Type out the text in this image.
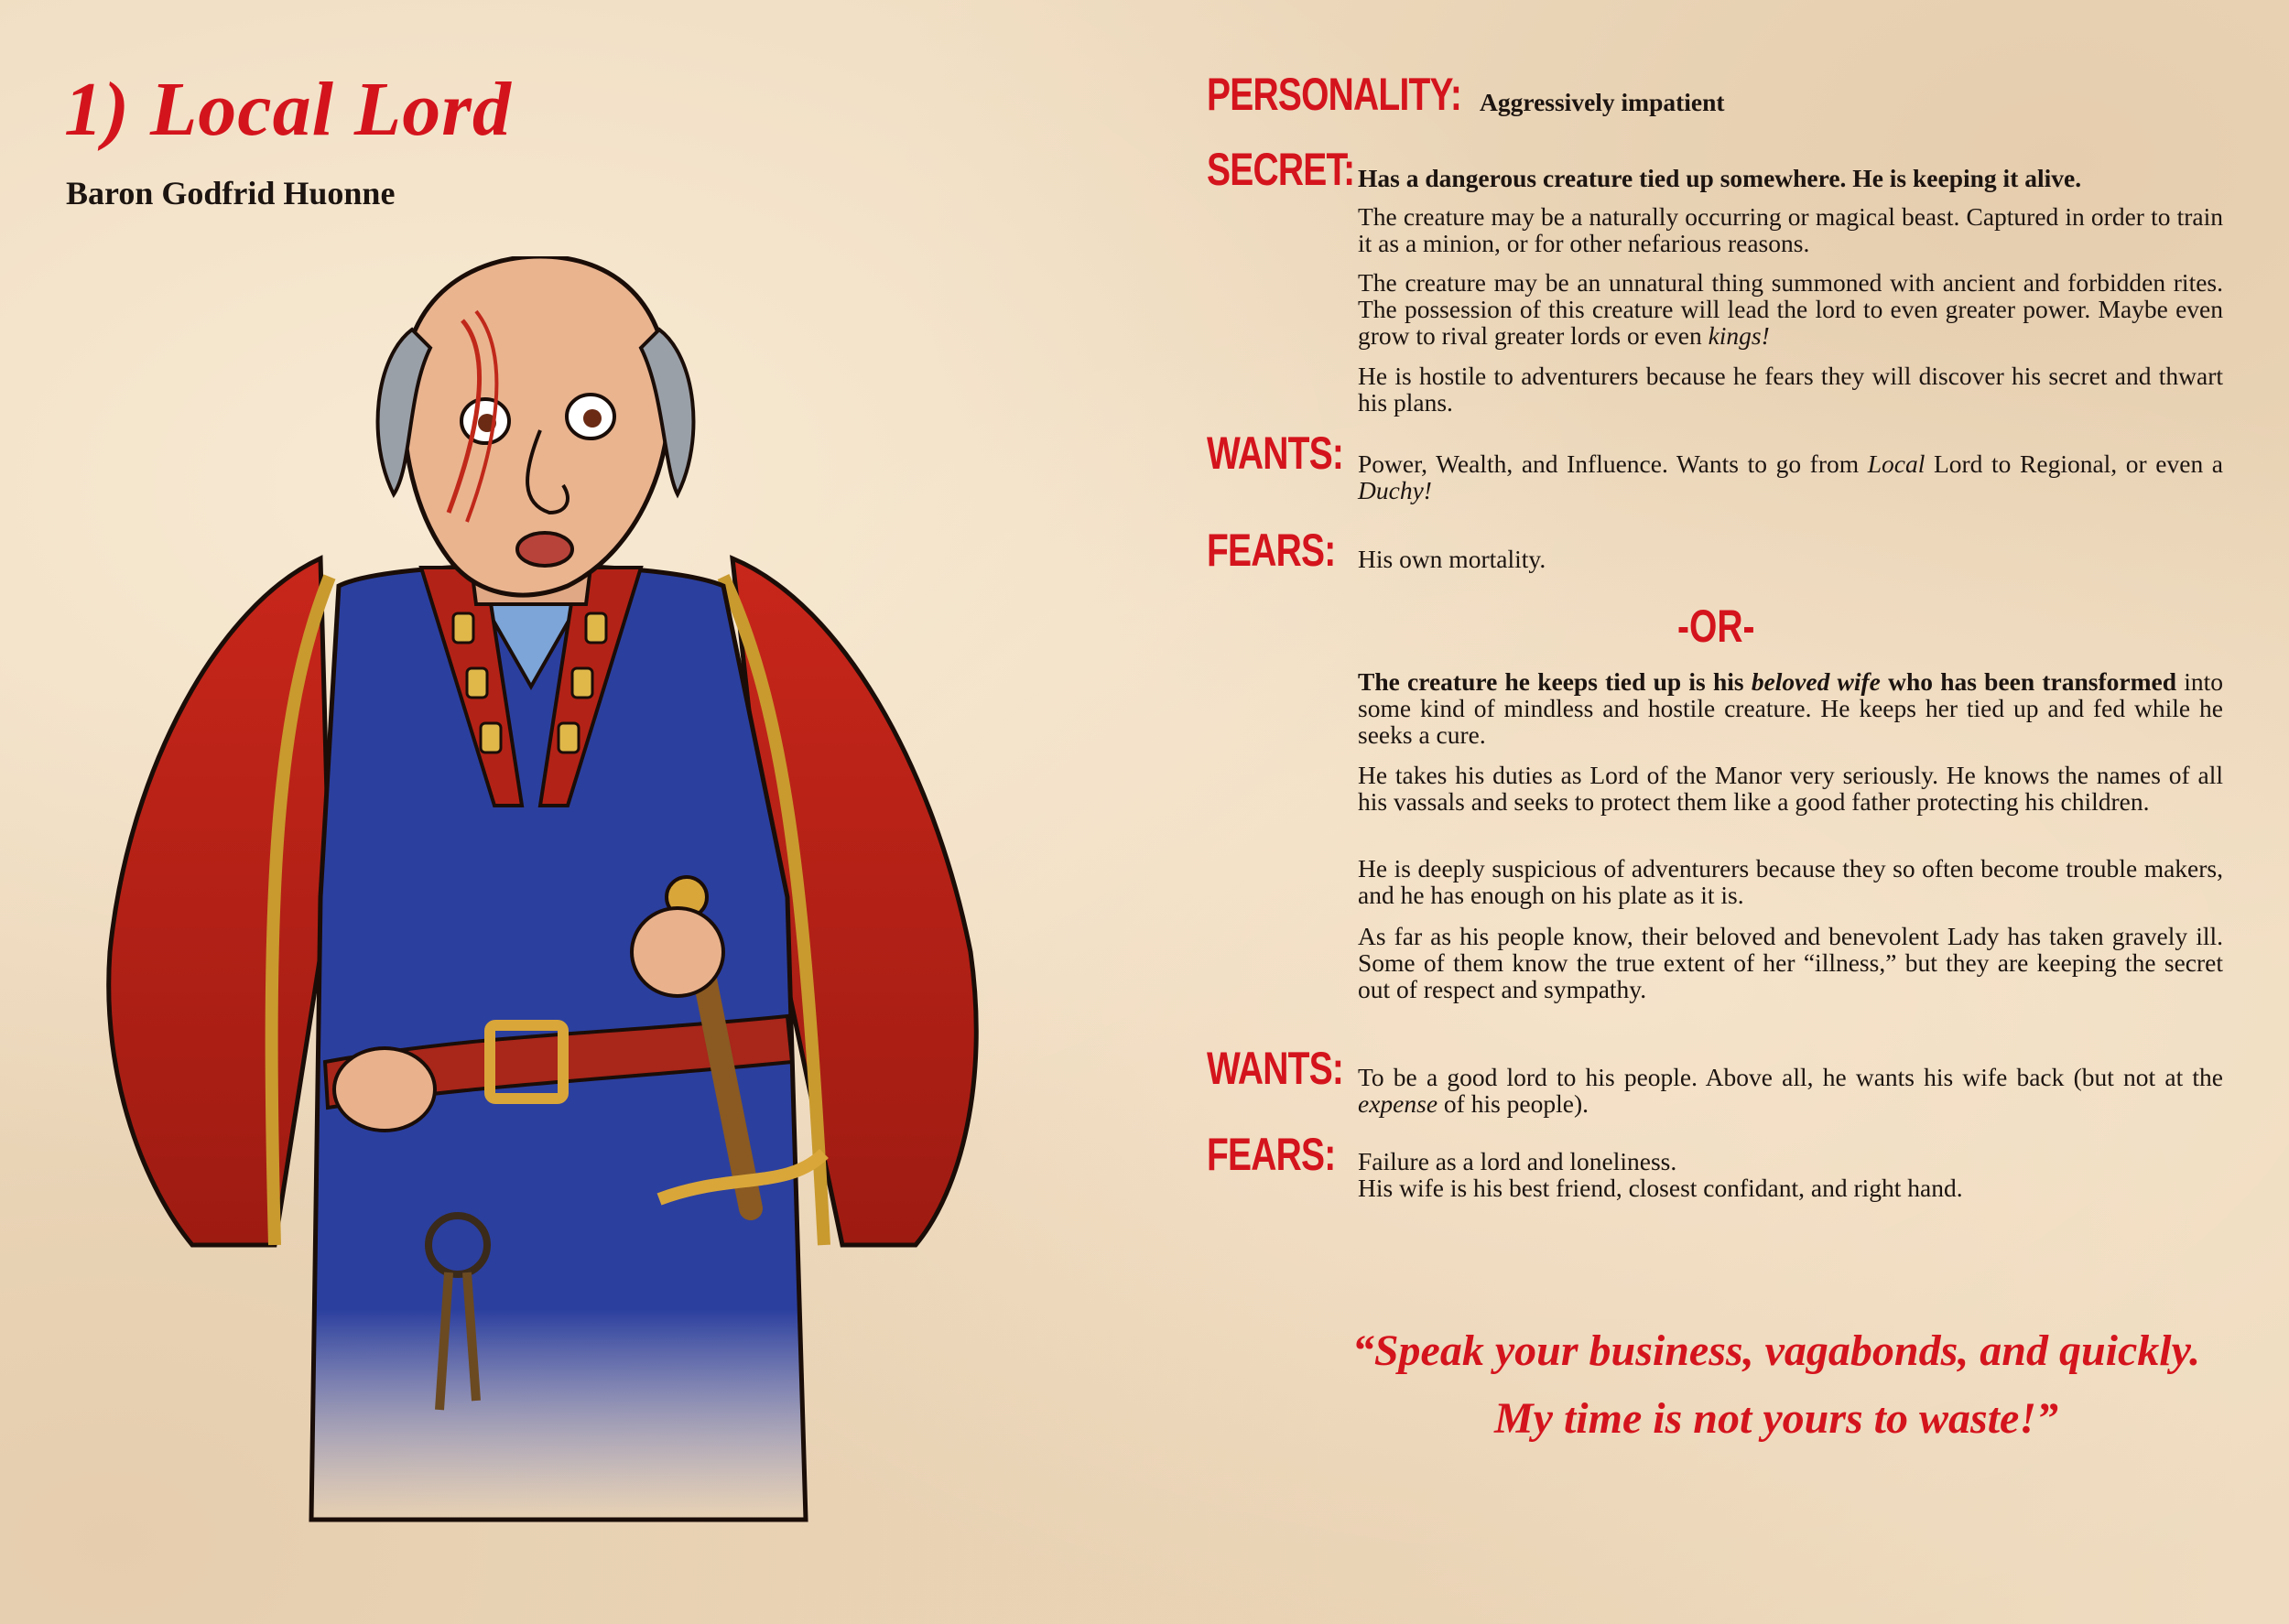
1) Local Lord
Baron Godfrid Huonne
PERSONALITY: Aggressively impatient
SECRET: Has a dangerous creature tied up somewhere. He is keeping it alive.
The creature may be a naturally occurring or magical beast. Captured in order to train it as a minion, or for other nefarious reasons.
The creature may be an unnatural thing summoned with ancient and forbidden rites. The possession of this creature will lead the lord to even greater power. Maybe even grow to rival greater lords or even kings!
He is hostile to adventurers because he fears they will discover his secret and thwart his plans.
WANTS: Power, Wealth, and Influence. Wants to go from Local Lord to Regional, or even a Duchy!
FEARS: His own mortality.
-OR-
The creature he keeps tied up is his beloved wife who has been transformed into some kind of mindless and hostile creature. He keeps her tied up and fed while he seeks a cure.
He takes his duties as Lord of the Manor very seriously. He knows the names of all his vassals and seeks to protect them like a good father protecting his children.
He is deeply suspicious of adventurers because they so often become trouble makers, and he has enough on his plate as it is.
As far as his people know, their beloved and benevolent Lady has taken gravely ill. Some of them know the true extent of her “illness,” but they are keeping the secret out of respect and sympathy.
WANTS: To be a good lord to his people. Above all, he wants his wife back (but not at the expense of his people).
FEARS: Failure as a lord and loneliness.
His wife is his best friend, closest confidant, and right hand.
“Speak your business, vagabonds, and quickly.
My time is not yours to waste!”
